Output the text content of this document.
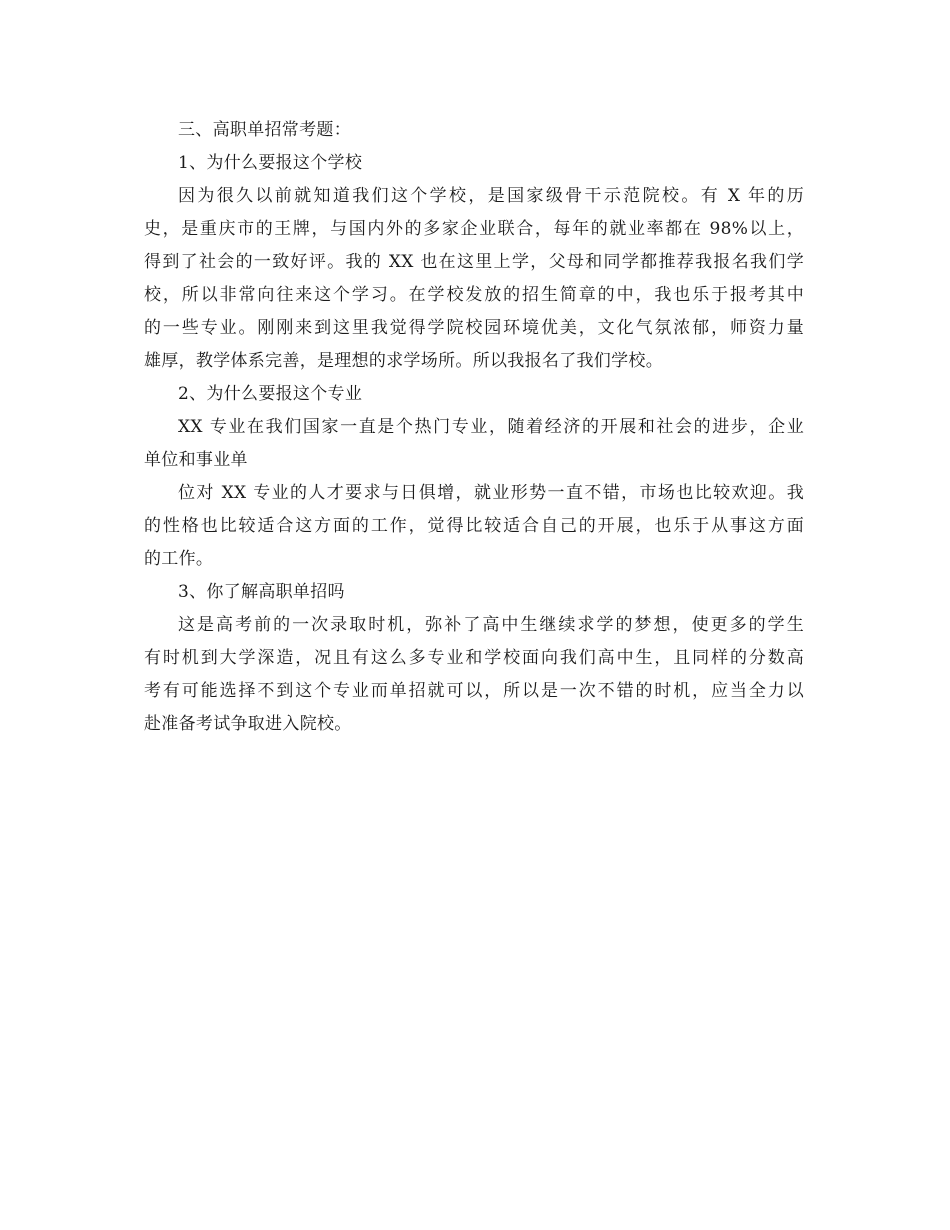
三、高职单招常考题：
1、为什么要报这个学校
因为很久以前就知道我们这个学校，是国家级骨干示范院校。有 X 年的历
史，是重庆市的王牌，与国内外的多家企业联合，每年的就业率都在 98%以上，
得到了社会的一致好评。我的 XX 也在这里上学，父母和同学都推荐我报名我们学
校，所以非常向往来这个学习。在学校发放的招生简章的中，我也乐于报考其中
的一些专业。刚刚来到这里我觉得学院校园环境优美，文化气氛浓郁，师资力量
雄厚，教学体系完善，是理想的求学场所。所以我报名了我们学校。
2、为什么要报这个专业
XX 专业在我们国家一直是个热门专业，随着经济的开展和社会的进步，企业
单位和事业单
位对 XX 专业的人才要求与日俱增，就业形势一直不错，市场也比较欢迎。我
的性格也比较适合这方面的工作，觉得比较适合自己的开展，也乐于从事这方面
的工作。
3、你了解高职单招吗
这是高考前的一次录取时机，弥补了高中生继续求学的梦想，使更多的学生
有时机到大学深造，况且有这么多专业和学校面向我们高中生，且同样的分数高
考有可能选择不到这个专业而单招就可以，所以是一次不错的时机，应当全力以
赴准备考试争取进入院校。
